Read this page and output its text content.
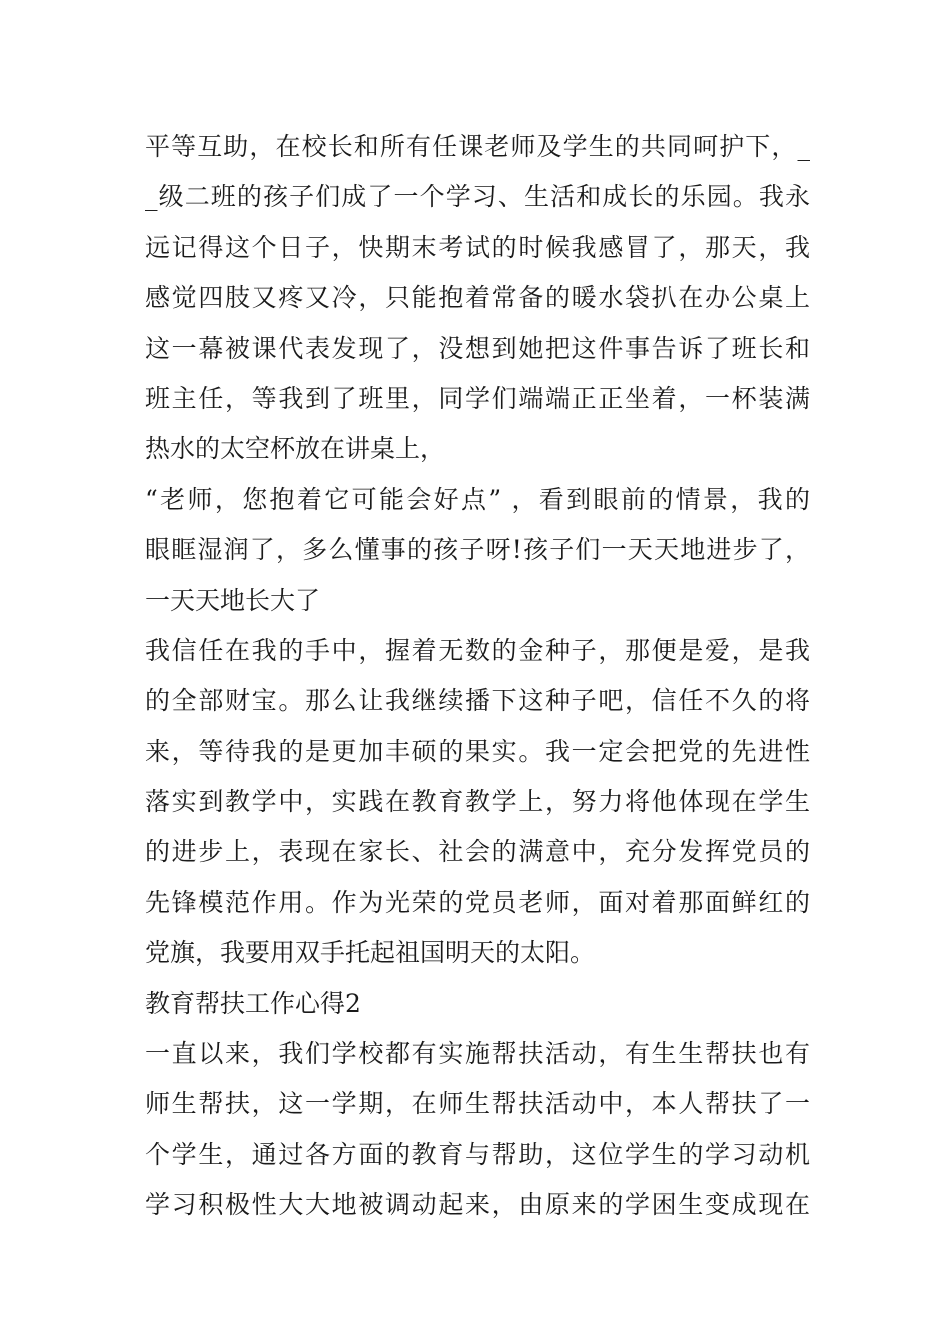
平等互助，在校长和所有任课老师及学生的共同呵护下，_
_级二班的孩子们成了一个学习、生活和成长的乐园。我永
远记得这个日子，快期末考试的时候我感冒了，那天，我
感觉四肢又疼又冷，只能抱着常备的暖水袋扒在办公桌上
这一幕被课代表发现了，没想到她把这件事告诉了班长和
班主任，等我到了班里，同学们端端正正坐着，一杯装满
热水的太空杯放在讲桌上，
“老师，您抱着它可能会好点” ，看到眼前的情景，我的
眼眶湿润了，多么懂事的孩子呀!孩子们一天天地进步了，
一天天地长大了
我信任在我的手中，握着无数的金种子，那便是爱，是我
的全部财宝。那么让我继续播下这种子吧，信任不久的将
来，等待我的是更加丰硕的果实。我一定会把党的先进性
落实到教学中，实践在教育教学上，努力将他体现在学生
的进步上，表现在家长、社会的满意中，充分发挥党员的
先锋模范作用。作为光荣的党员老师，面对着那面鲜红的
党旗，我要用双手托起祖国明天的太阳。
教育帮扶工作心得2
一直以来，我们学校都有实施帮扶活动，有生生帮扶也有
师生帮扶，这一学期，在师生帮扶活动中，本人帮扶了一
个学生，通过各方面的教育与帮助，这位学生的学习动机
学习积极性大大地被调动起来，由原来的学困生变成现在
